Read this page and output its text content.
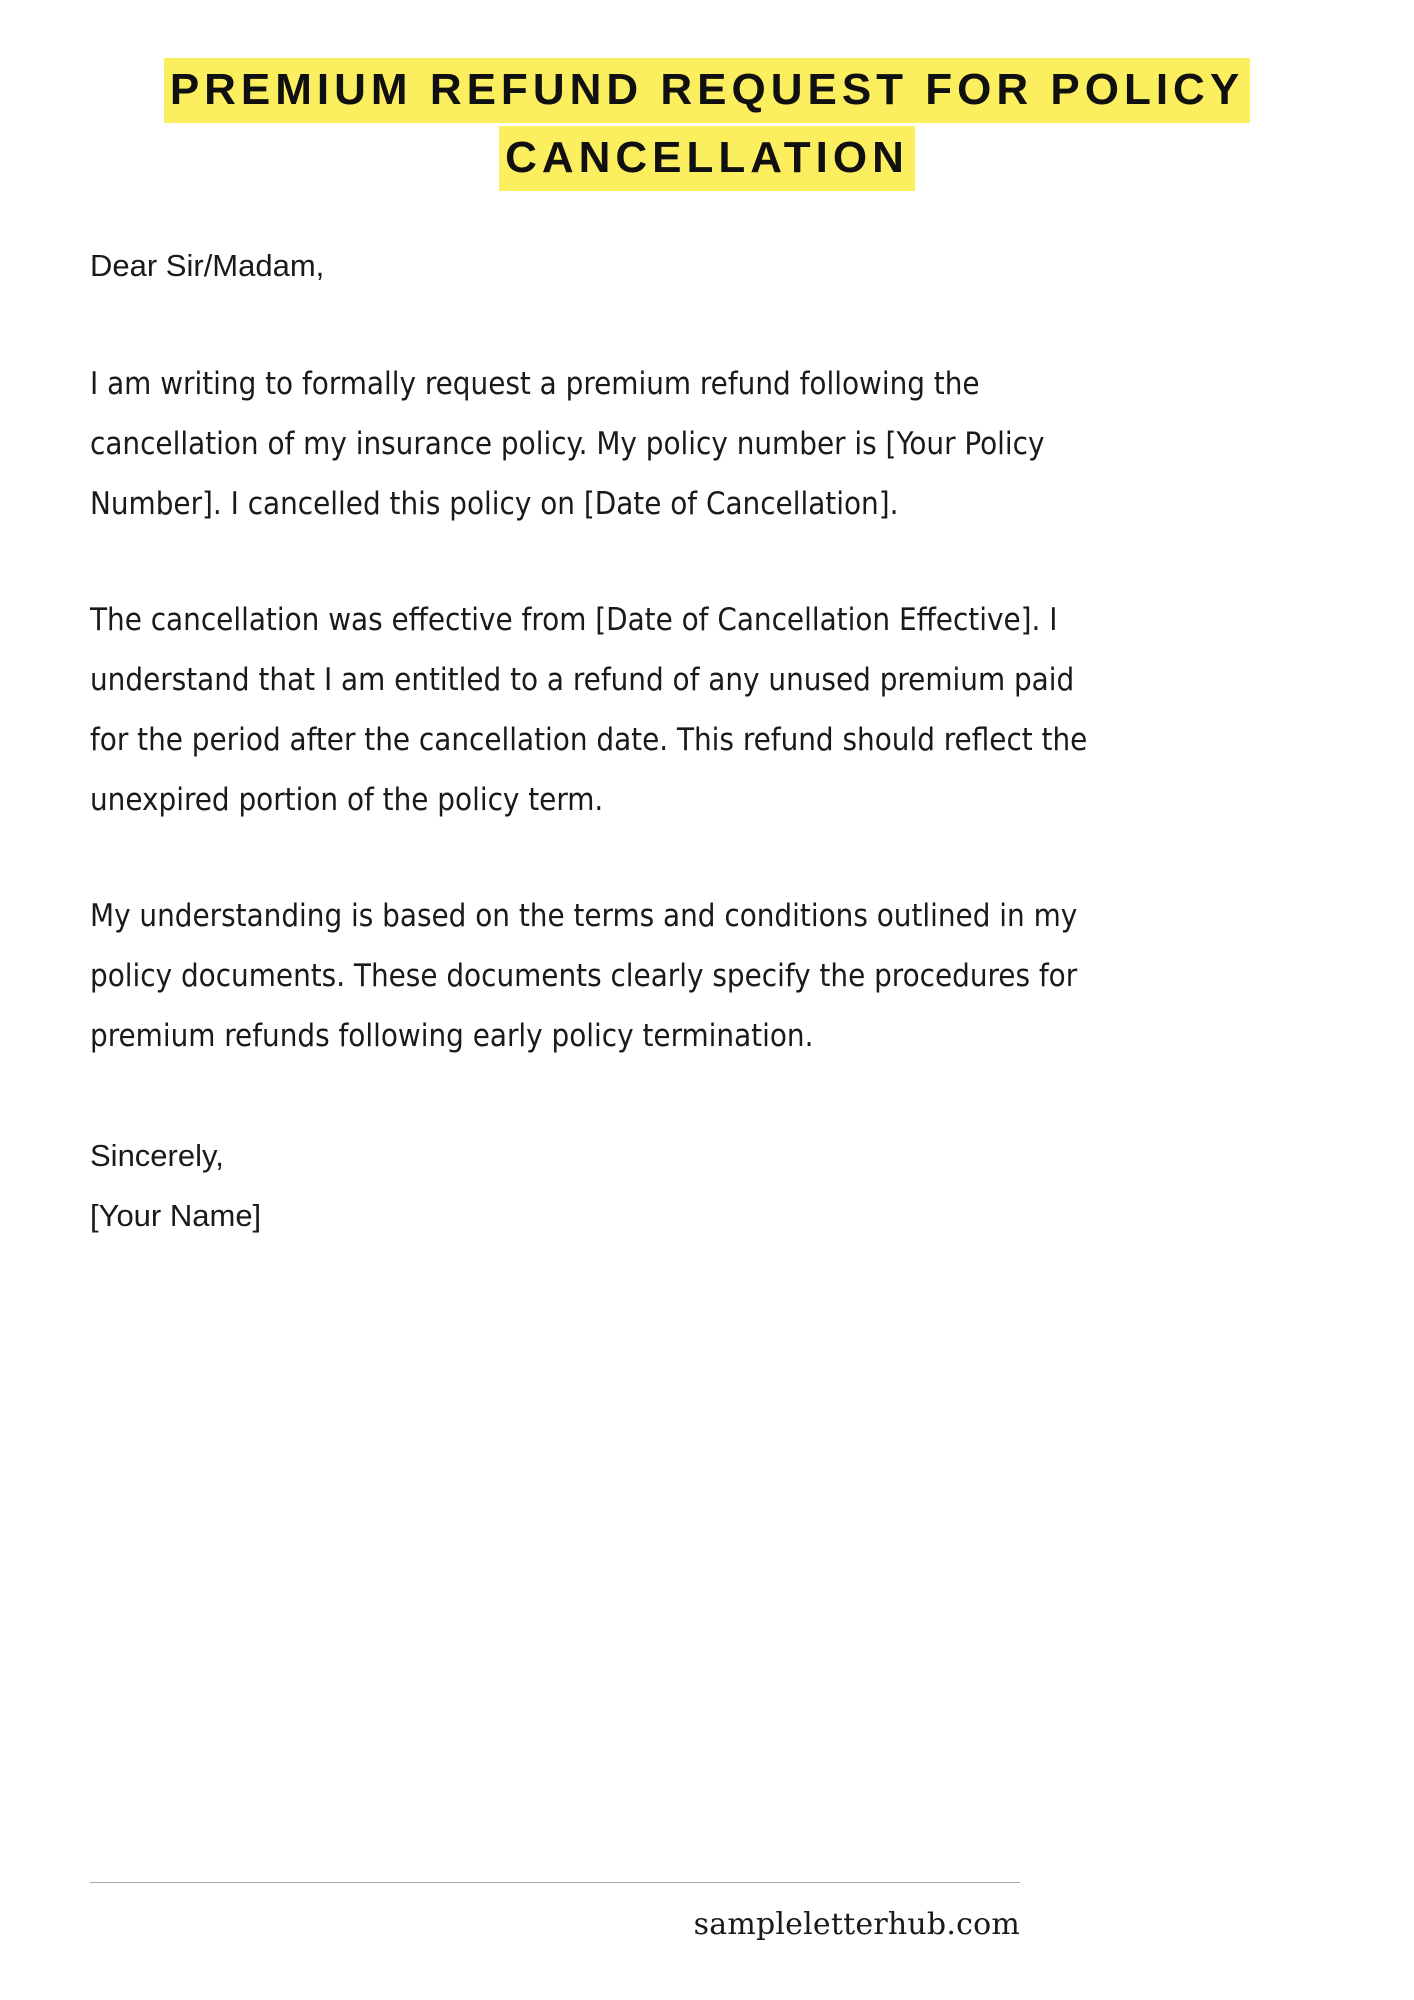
PREMIUM REFUND REQUEST FOR POLICY CANCELLATION

Dear Sir/Madam,

I am writing to formally request a premium refund following the cancellation of my insurance policy. My policy number is [Your Policy Number]. I cancelled this policy on [Date of Cancellation].

The cancellation was effective from [Date of Cancellation Effective]. I understand that I am entitled to a refund of any unused premium paid for the period after the cancellation date. This refund should reflect the unexpired portion of the policy term.

My understanding is based on the terms and conditions outlined in my policy documents. These documents clearly specify the procedures for premium refunds following early policy termination.

Sincerely,

[Your Name]

sampleletterhub.com
